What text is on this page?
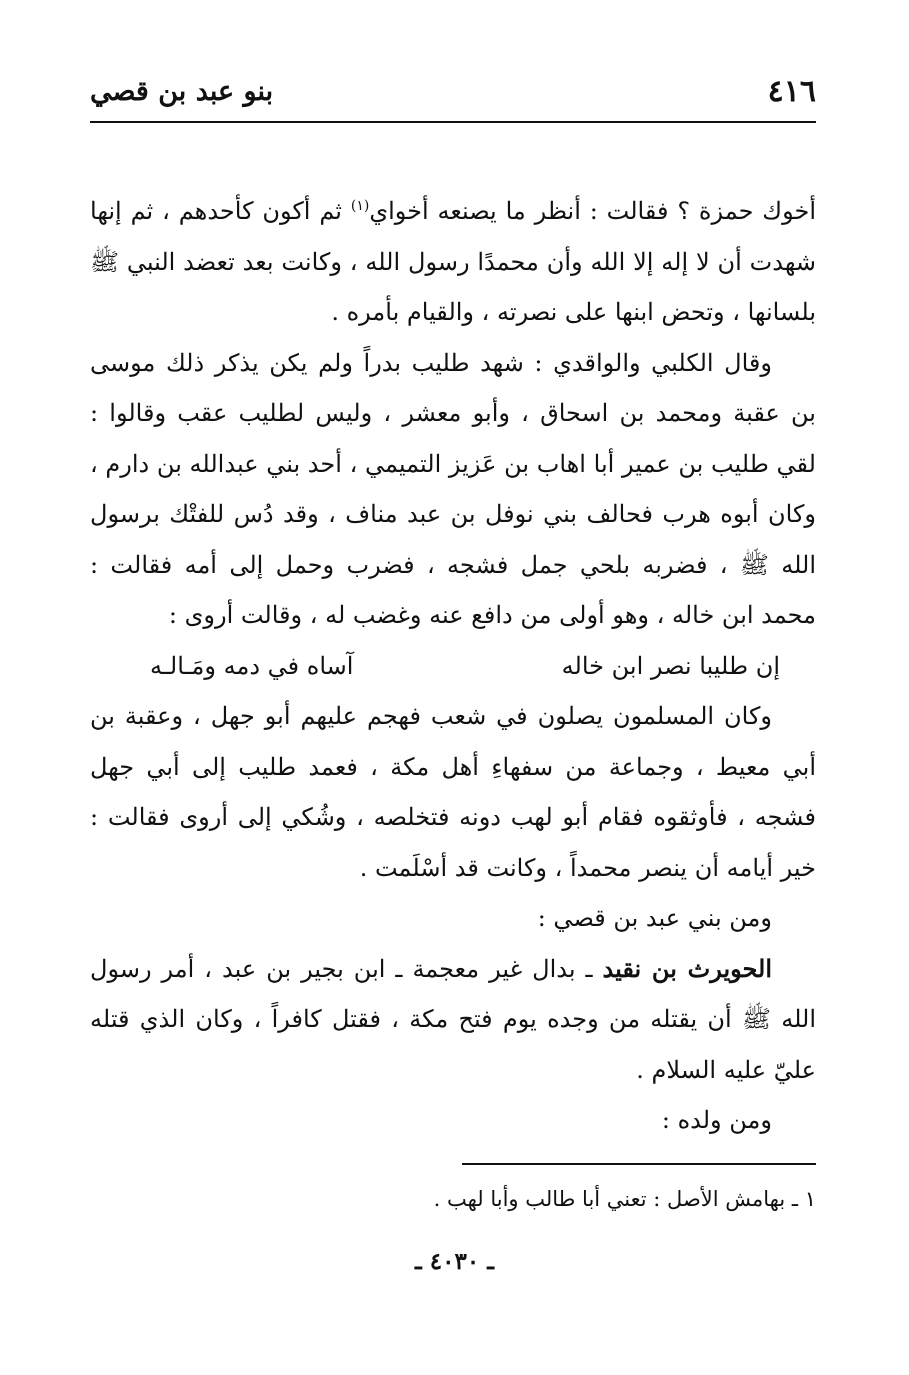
٤١٦
بنو عبد بن قصي

أخوك حمزة ؟ فقالت : أنظر ما يصنعه أخواي$^{(١)}$ ثم أكون كأحدهم ، ثم إنها شهدت أن لا إله إلا الله وأن محمدًا رسول الله ، وكانت بعد تعضد النبي ﷺ بلسانها ، وتحض ابنها على نصرته ، والقيام بأمره .

وقال الكلبي والواقدي : شهد طليب بدراً ولم يكن يذكر ذلك موسى بن عقبة ومحمد بن اسحاق ، وأبو معشر ، وليس لطليب عقب وقالوا : لقي طليب بن عمير أبا اهاب بن عَزيز التميمي ، أحد بني عبدالله بن دارم ، وكان أبوه هرب فحالف بني نوفل بن عبد مناف ، وقد دُس للفتْك برسول الله ﷺ ، فضربه بلحي جمل فشجه ، فضرب وحمل إلى أمه فقالت : محمد ابن خاله ، وهو أولى من دافع عنه وغضب له ، وقالت أروى :

إن طليبا نصر ابن خاله
آساه في دمه ومَـالـه

وكان المسلمون يصلون في شعب فهجم عليهم أبو جهل ، وعقبة بن أبي معيط ، وجماعة من سفهاءِ أهل مكة ، فعمد طليب إلى أبي جهل فشجه ، فأوثقوه فقام أبو لهب دونه فتخلصه ، وشُكي إلى أروى فقالت : خير أيامه أن ينصر محمداً ، وكانت قد أسْلَمت .

ومن بني عبد بن قصي :

الحويرث بن نقيد ـ بدال غير معجمة ـ ابن بجير بن عبد ، أمر رسول الله ﷺ أن يقتله من وجده يوم فتح مكة ، فقتل كافراً ، وكان الذي قتله عليّ عليه السلام .

ومن ولده :

١ ـ بهامش الأصل : تعني أبا طالب وأبا لهب .
ـ ٤٠٣٠ ـ
